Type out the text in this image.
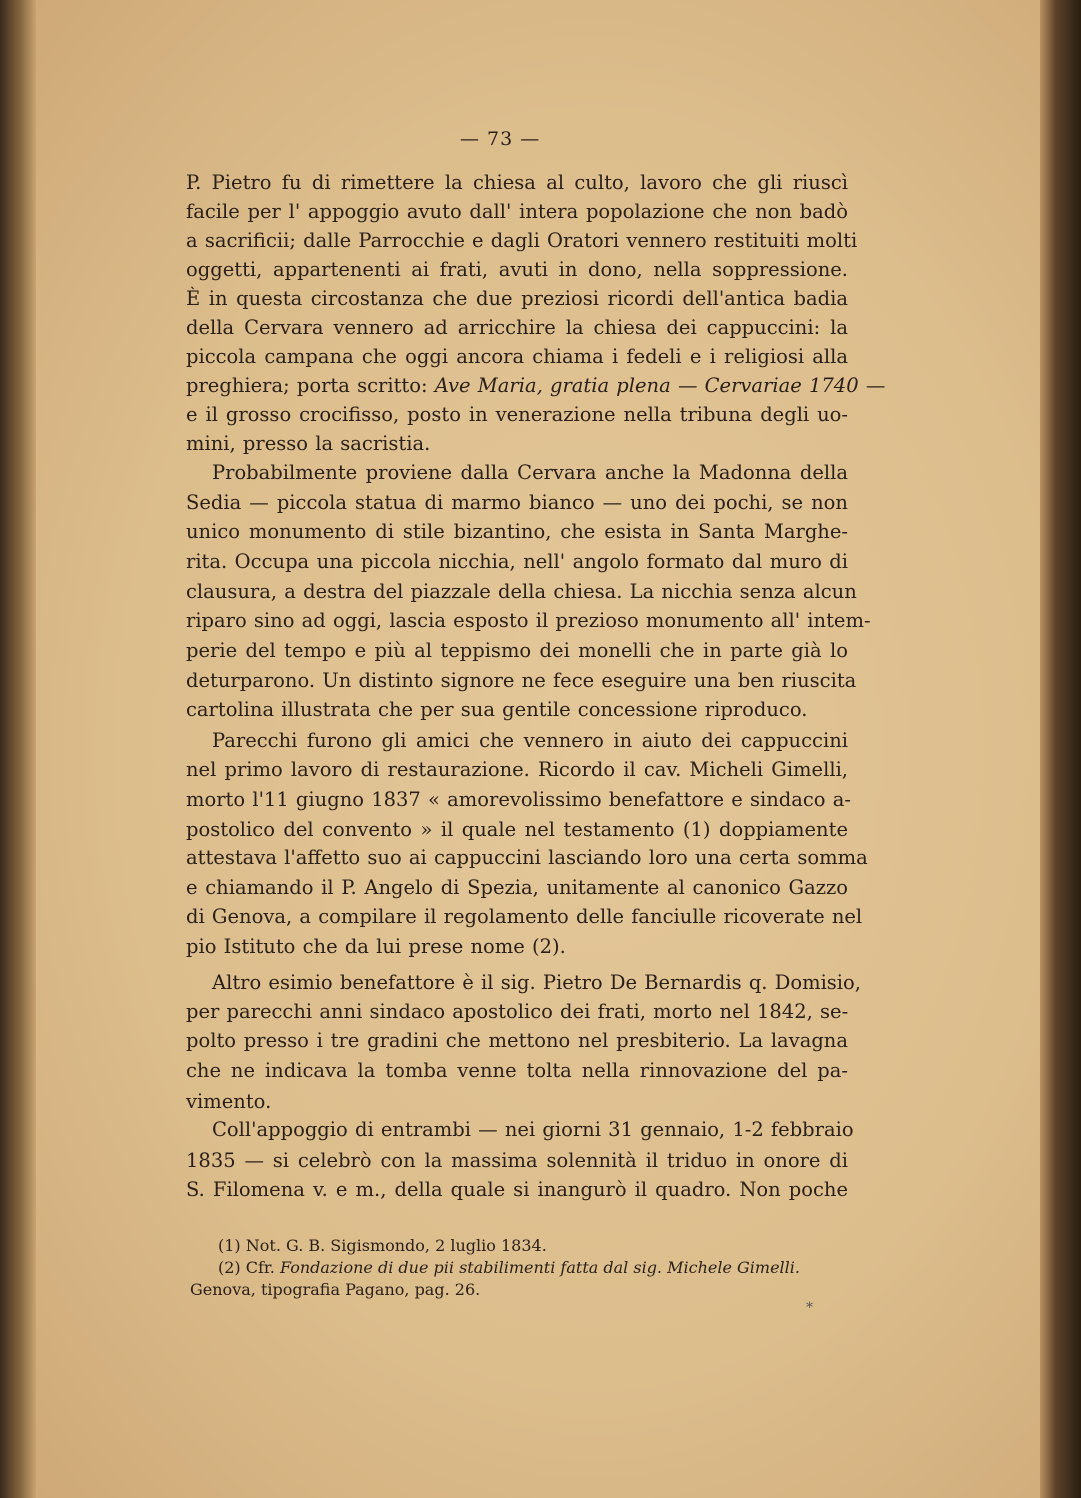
— 73 —
P. Pietro fu di rimettere la chiesa al culto, lavoro che gli riuscì
facile per l' appoggio avuto dall' intera popolazione che non badò
a sacrificii; dalle Parrocchie e dagli Oratori vennero restituiti molti
oggetti, appartenenti ai frati, avuti in dono, nella soppressione.
È in questa circostanza che due preziosi ricordi dell'antica badia
della Cervara vennero ad arricchire la chiesa dei cappuccini: la
piccola campana che oggi ancora chiama i fedeli e i religiosi alla
preghiera; porta scritto: Ave Maria, gratia plena — Cervariae 1740 —
e il grosso crocifisso, posto in venerazione nella tribuna degli uo-
mini, presso la sacristia.
Probabilmente proviene dalla Cervara anche la Madonna della
Sedia — piccola statua di marmo bianco — uno dei pochi, se non
unico monumento di stile bizantino, che esista in Santa Marghe-
rita. Occupa una piccola nicchia, nell' angolo formato dal muro di
clausura, a destra del piazzale della chiesa. La nicchia senza alcun
riparo sino ad oggi, lascia esposto il prezioso monumento all' intem-
perie del tempo e più al teppismo dei monelli che in parte già lo
deturparono. Un distinto signore ne fece eseguire una ben riuscita
cartolina illustrata che per sua gentile concessione riproduco.
Parecchi furono gli amici che vennero in aiuto dei cappuccini
nel primo lavoro di restaurazione. Ricordo il cav. Micheli Gimelli,
morto l'11 giugno 1837 « amorevolissimo benefattore e sindaco a-
postolico del convento » il quale nel testamento (1) doppiamente
attestava l'affetto suo ai cappuccini lasciando loro una certa somma
e chiamando il P. Angelo di Spezia, unitamente al canonico Gazzo
di Genova, a compilare il regolamento delle fanciulle ricoverate nel
pio Istituto che da lui prese nome (2).
Altro esimio benefattore è il sig. Pietro De Bernardis q. Domisio,
per parecchi anni sindaco apostolico dei frati, morto nel 1842, se-
polto presso i tre gradini che mettono nel presbiterio. La lavagna
che ne indicava la tomba venne tolta nella rinnovazione del pa-
vimento.
Coll'appoggio di entrambi — nei giorni 31 gennaio, 1-2 febbraio
1835 — si celebrò con la massima solennità il triduo in onore di
S. Filomena v. e m., della quale si inangurò il quadro. Non poche
(1) Not. G. B. Sigismondo, 2 luglio 1834.
(2) Cfr. Fondazione di due pii stabilimenti fatta dal sig. Michele Gimelli.
Genova, tipografia Pagano, pag. 26.
*
